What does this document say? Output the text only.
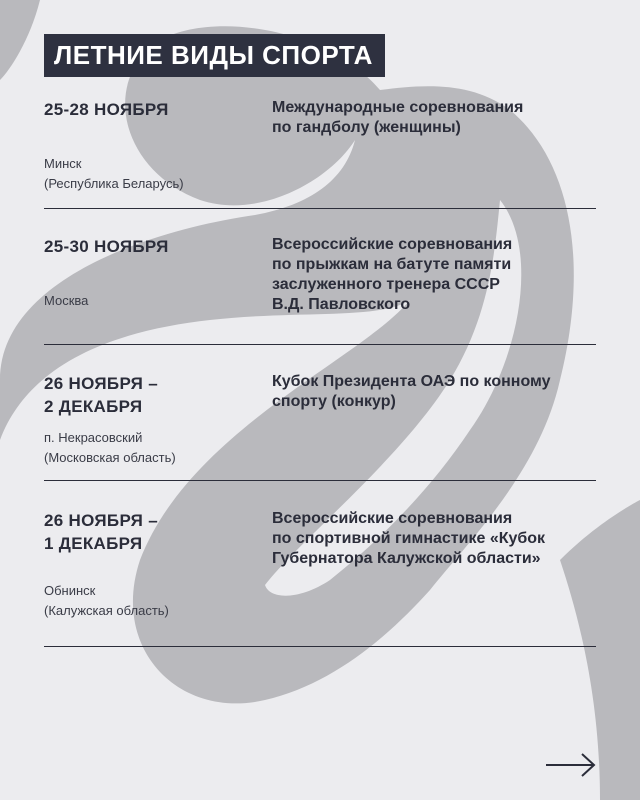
ЛЕТНИЕ ВИДЫ СПОРТА
25-28 НОЯБРЯ	Международные соревнования
по гандболу (женщины)
Минск
(Республика Беларусь)
25-30 НОЯБРЯ	Всероссийские соревнования
по прыжкам на батуте памяти
заслуженного тренера СССР
В.Д. Павловского
Москва
26 НОЯБРЯ –
2 ДЕКАБРЯ
Кубок Президента ОАЭ по конному
спорту (конкур)
п. Некрасовский
(Московская область)
26 НОЯБРЯ –
1 ДЕКАБРЯ
Всероссийские соревнования
по спортивной гимнастике «Кубок
Губернатора Калужской области»
Обнинск
(Калужская область)
